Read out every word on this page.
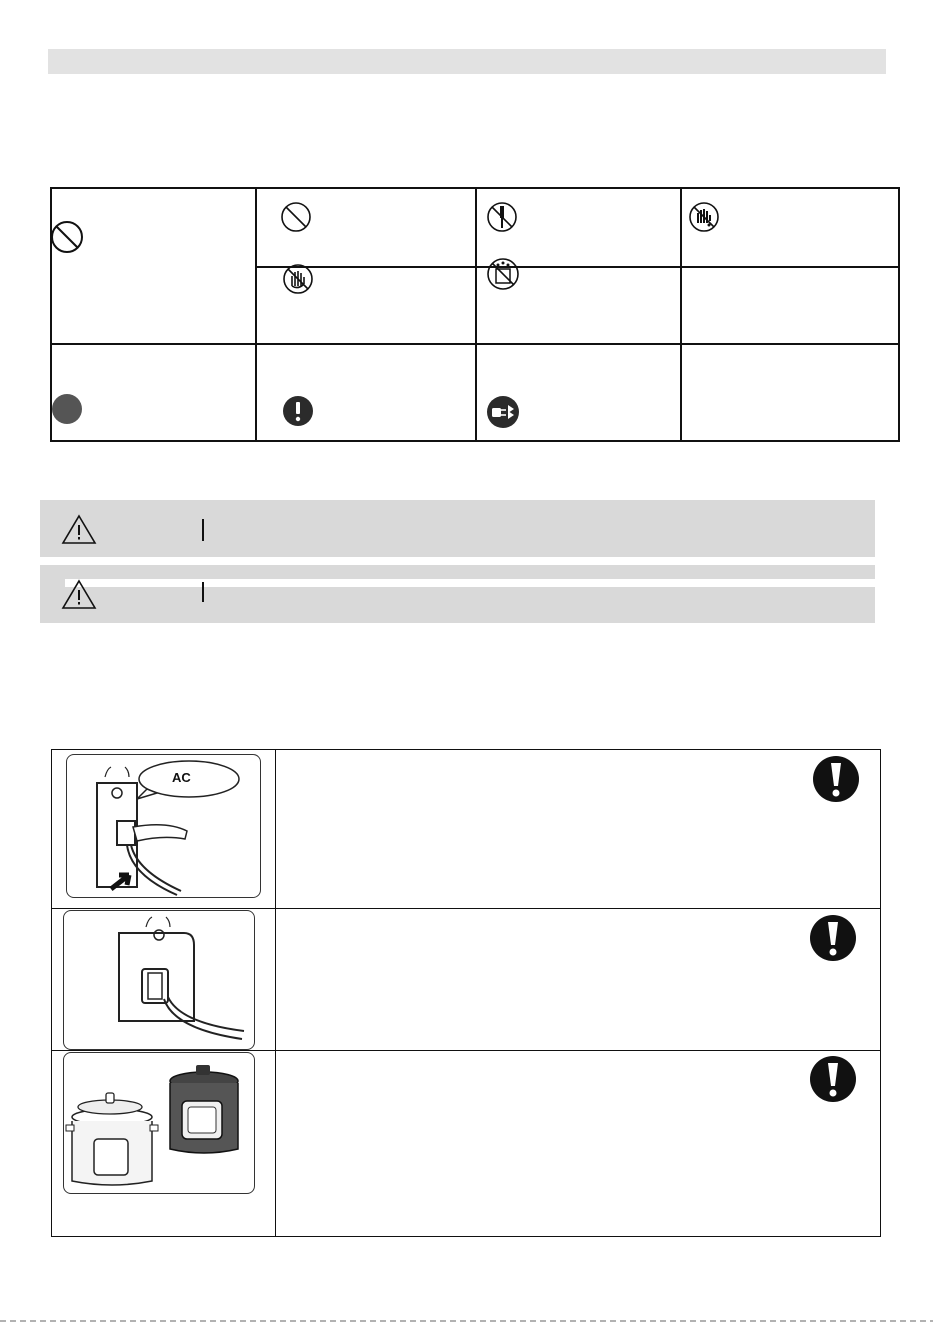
AC
